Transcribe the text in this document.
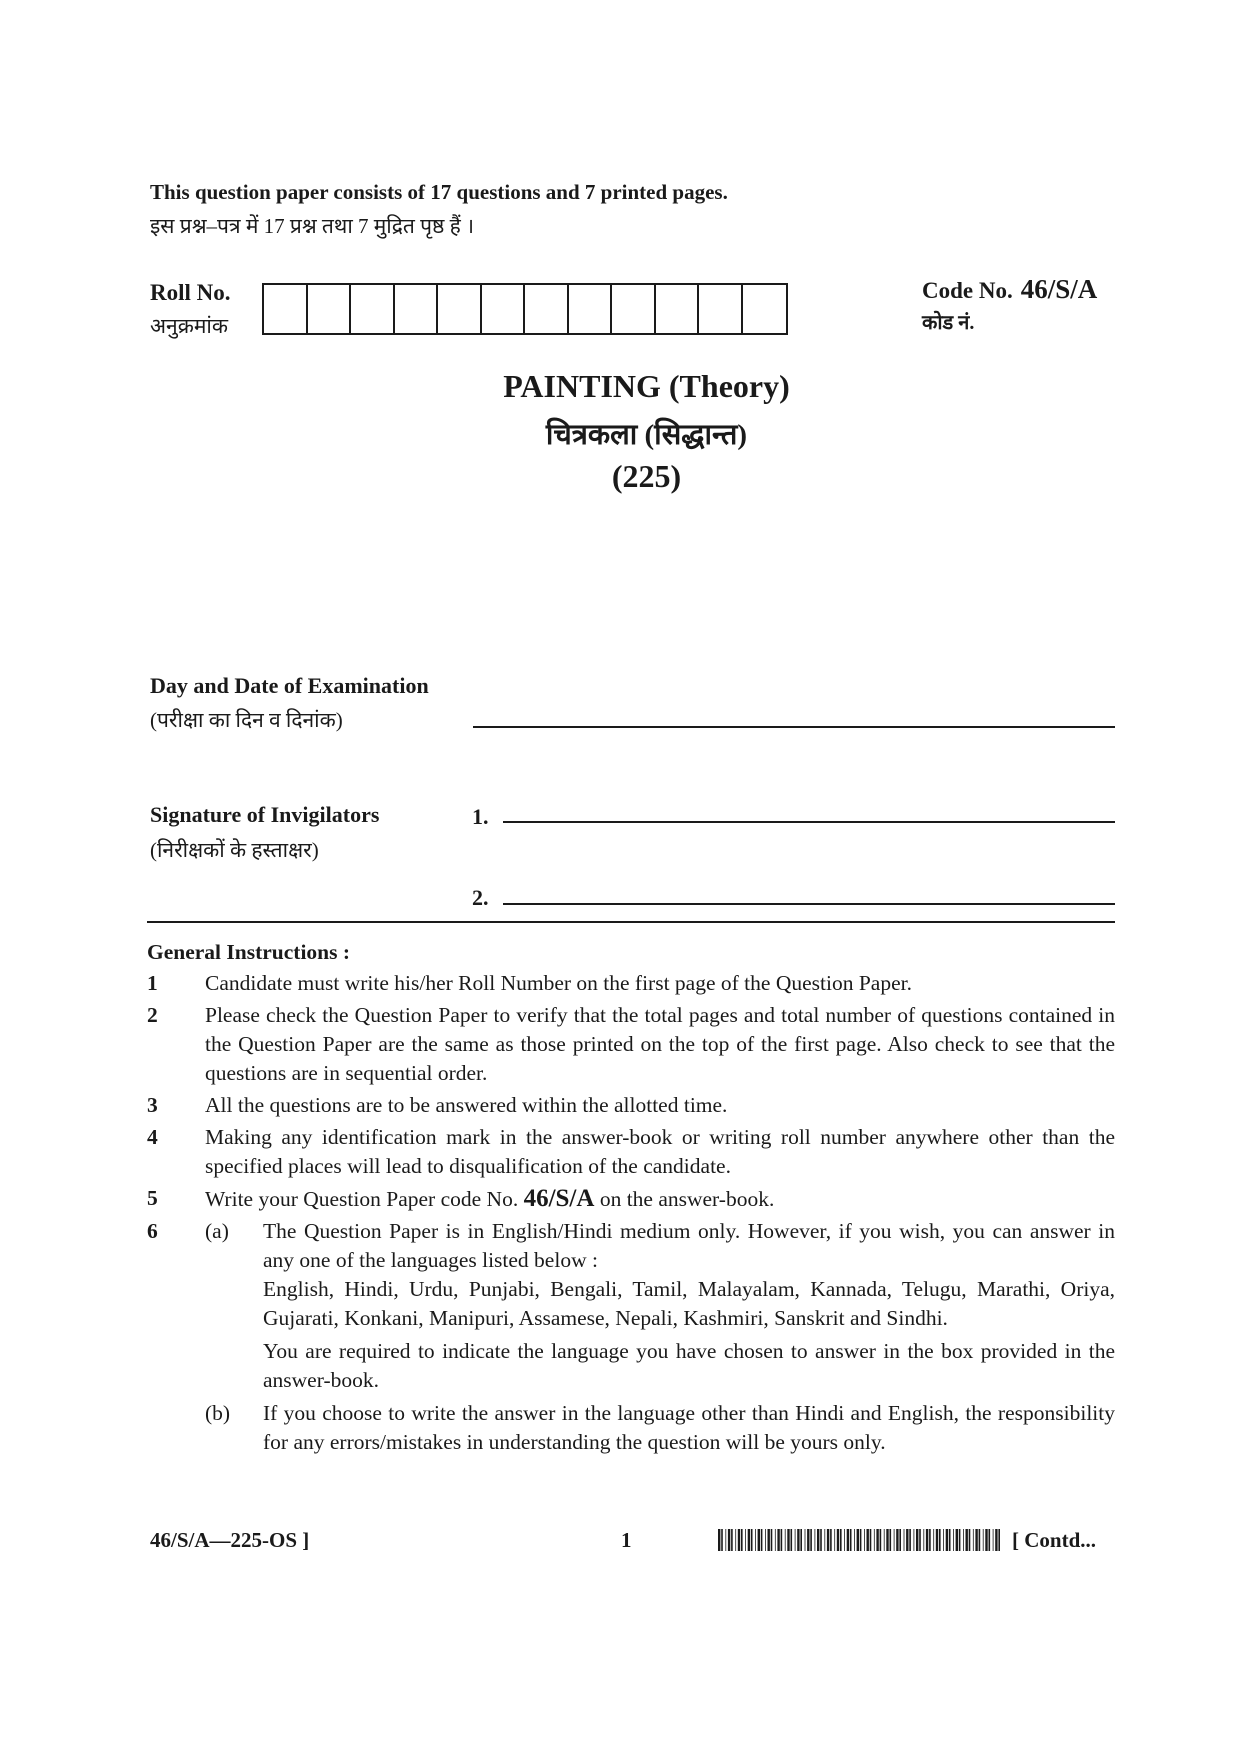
This question paper consists of 17 questions and 7 printed pages.
इस प्रश्न–पत्र में 17 प्रश्न तथा 7 मुद्रित पृष्ठ हैं ।
Roll No.
अनुक्रमांक
Code No. 46/S/A
कोड नं.
PAINTING (Theory)
चित्रकला (सिद्धान्त)
(225)
Day and Date of Examination
(परीक्षा का दिन व दिनांक)
Signature of Invigilators
(निरीक्षकों के हस्ताक्षर)
1.
2.
General Instructions :
1	Candidate must write his/her Roll Number on the first page of the Question Paper.
2	Please check the Question Paper to verify that the total pages and total number of questions contained in the Question Paper are the same as those printed on the top of the first page. Also check to see that the questions are in sequential order.
3	All the questions are to be answered within the allotted time.
4	Making any identification mark in the answer-book or writing roll number anywhere other than the specified places will lead to disqualification of the candidate.
5	Write your Question Paper code No. 46/S/A on the answer-book.
6	(a)	The Question Paper is in English/Hindi medium only. However, if you wish, you can answer in any one of the languages listed below :
English, Hindi, Urdu, Punjabi, Bengali, Tamil, Malayalam, Kannada, Telugu, Marathi, Oriya, Gujarati, Konkani, Manipuri, Assamese, Nepali, Kashmiri, Sanskrit and Sindhi.
You are required to indicate the language you have chosen to answer in the box provided in the answer-book.
(b)	If you choose to write the answer in the language other than Hindi and English, the responsibility for any errors/mistakes in understanding the question will be yours only.
46/S/A—225-OS ]	1	[ Contd...
